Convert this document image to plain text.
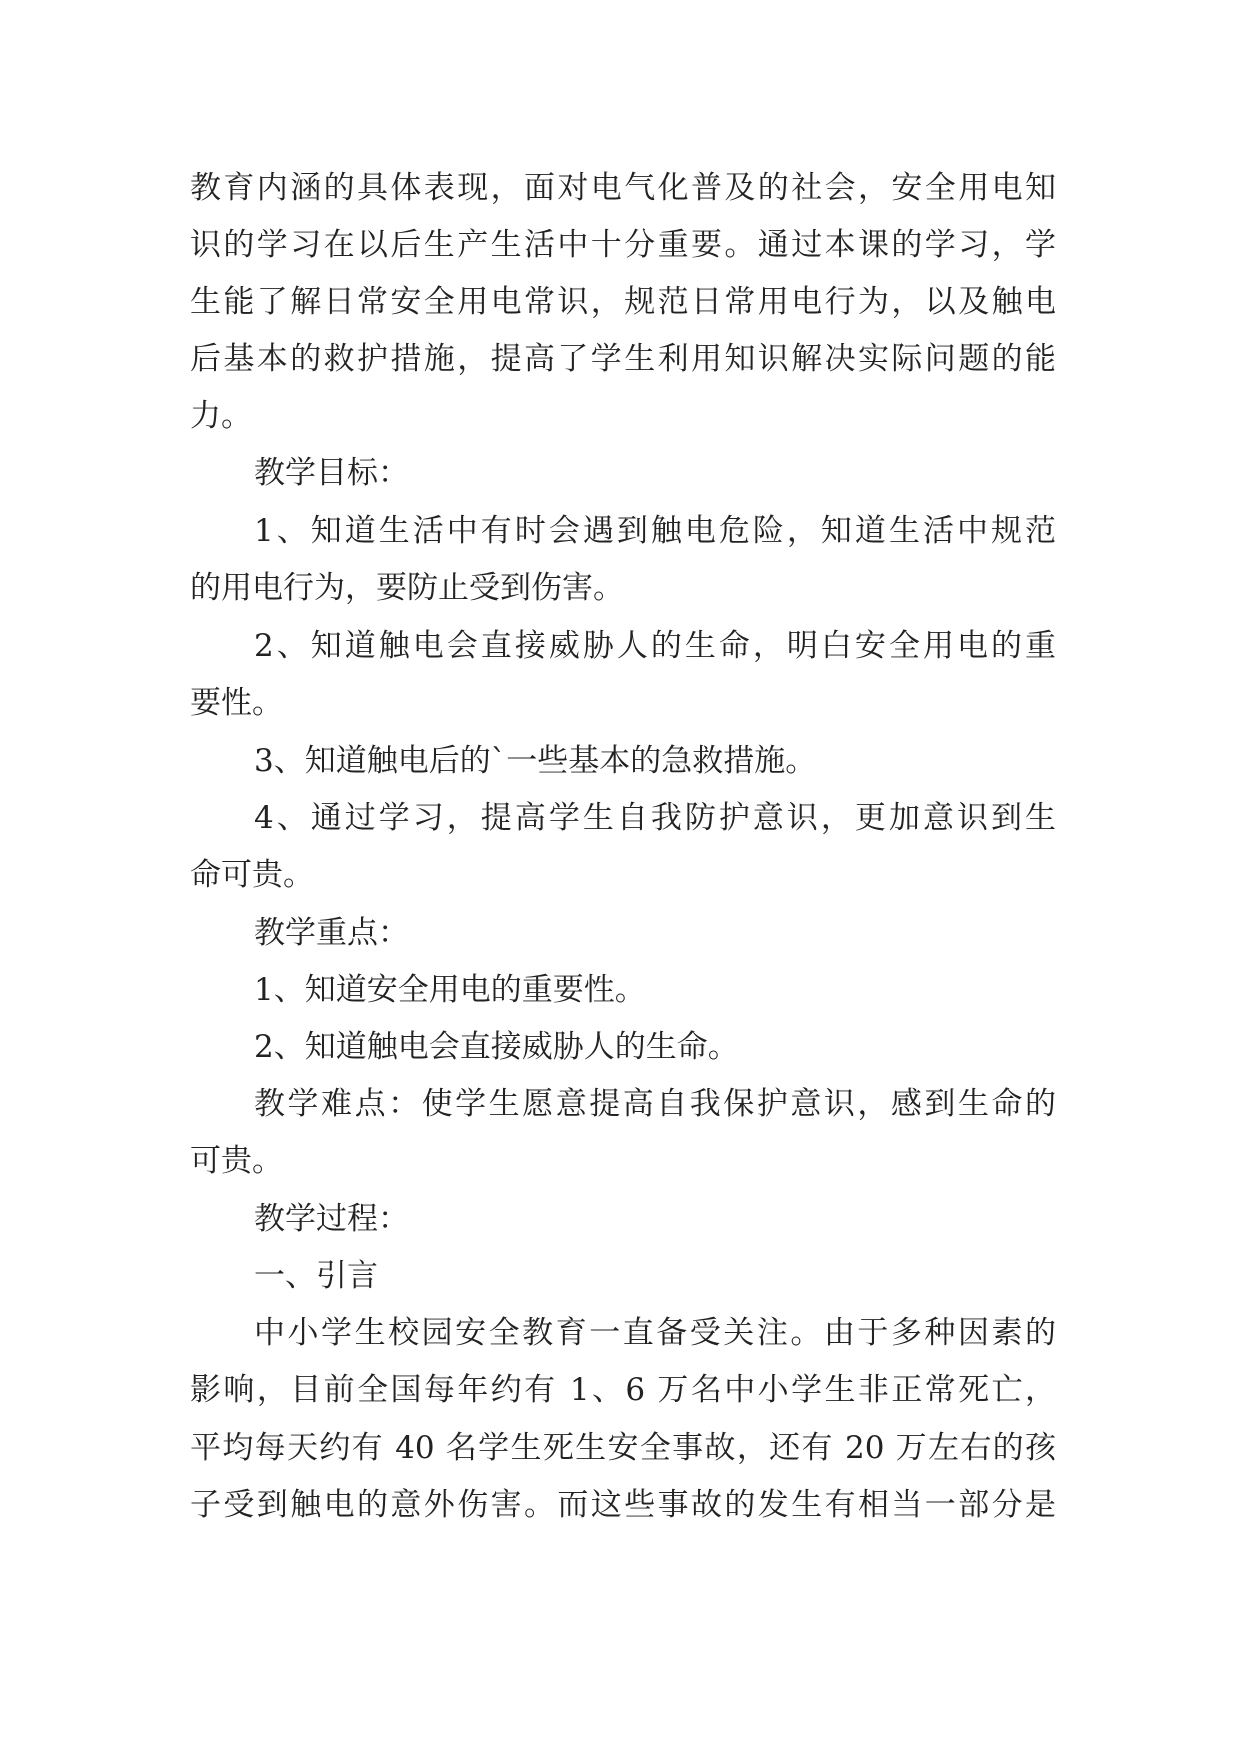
教育内涵的具体表现，面对电气化普及的社会，安全用电知
识的学习在以后生产生活中十分重要。通过本课的学习，学
生能了解日常安全用电常识，规范日常用电行为，以及触电
后基本的救护措施，提高了学生利用知识解决实际问题的能
力。
教学目标：
1、知道生活中有时会遇到触电危险，知道生活中规范
的用电行为，要防止受到伤害。
2、知道触电会直接威胁人的生命，明白安全用电的重
要性。
3、知道触电后的`一些基本的急救措施。
4、通过学习，提高学生自我防护意识，更加意识到生
命可贵。
教学重点：
1、知道安全用电的重要性。
2、知道触电会直接威胁人的生命。
教学难点：使学生愿意提高自我保护意识，感到生命的
可贵。
教学过程：
一、引言
中小学生校园安全教育一直备受关注。由于多种因素的
影响，目前全国每年约有 1、6 万名中小学生非正常死亡，
平均每天约有 40 名学生死生安全事故，还有 20 万左右的孩
子受到触电的意外伤害。而这些事故的发生有相当一部分是
